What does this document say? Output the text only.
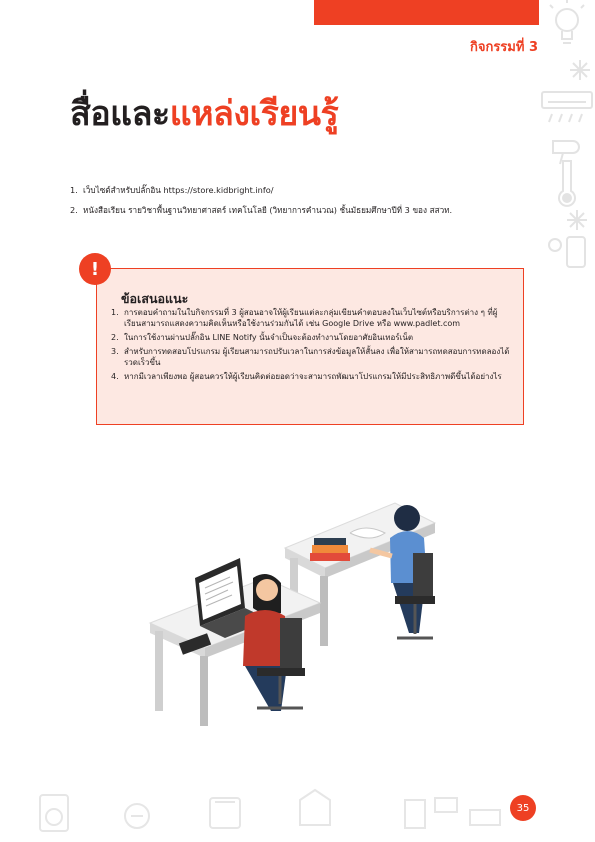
กิจกรรมที่ 3
สื่อและแหล่งเรียนรู้
1. เว็บไซต์สำหรับปลั๊กอิน https://store.kidbright.info/
2. หนังสือเรียน รายวิชาพื้นฐานวิทยาศาสตร์ เทคโนโลยี (วิทยาการคำนวณ) ชั้นมัธยมศึกษาปีที่ 3 ของ สสวท.
ข้อเสนอแนะ
1. การตอบคำถามในใบกิจกรรมที่ 3 ผู้สอนอาจให้ผู้เรียนแต่ละกลุ่มเขียนคำตอบลงในเว็บไซต์หรือบริการต่าง ๆ ที่ผู้เรียนสามารถแสดงความคิดเห็นหรือใช้งานร่วมกันได้ เช่น Google Drive หรือ www.padlet.com
2. ในการใช้งานผ่านปลั๊กอิน LINE Notify นั้นจำเป็นจะต้องทำงานโดยอาศัยอินเทอร์เน็ต
3. สำหรับการทดสอบโปรแกรม ผู้เรียนสามารถปรับเวลาในการส่งข้อมูลให้สั้นลง เพื่อให้สามารถทดสอบการทดลองได้รวดเร็วขึ้น
4. หากมีเวลาเพียงพอ ผู้สอนควรให้ผู้เรียนคิดต่อยอดว่าจะสามารถพัฒนาโปรแกรมให้มีประสิทธิภาพดีขึ้นได้อย่างไร
!
35
